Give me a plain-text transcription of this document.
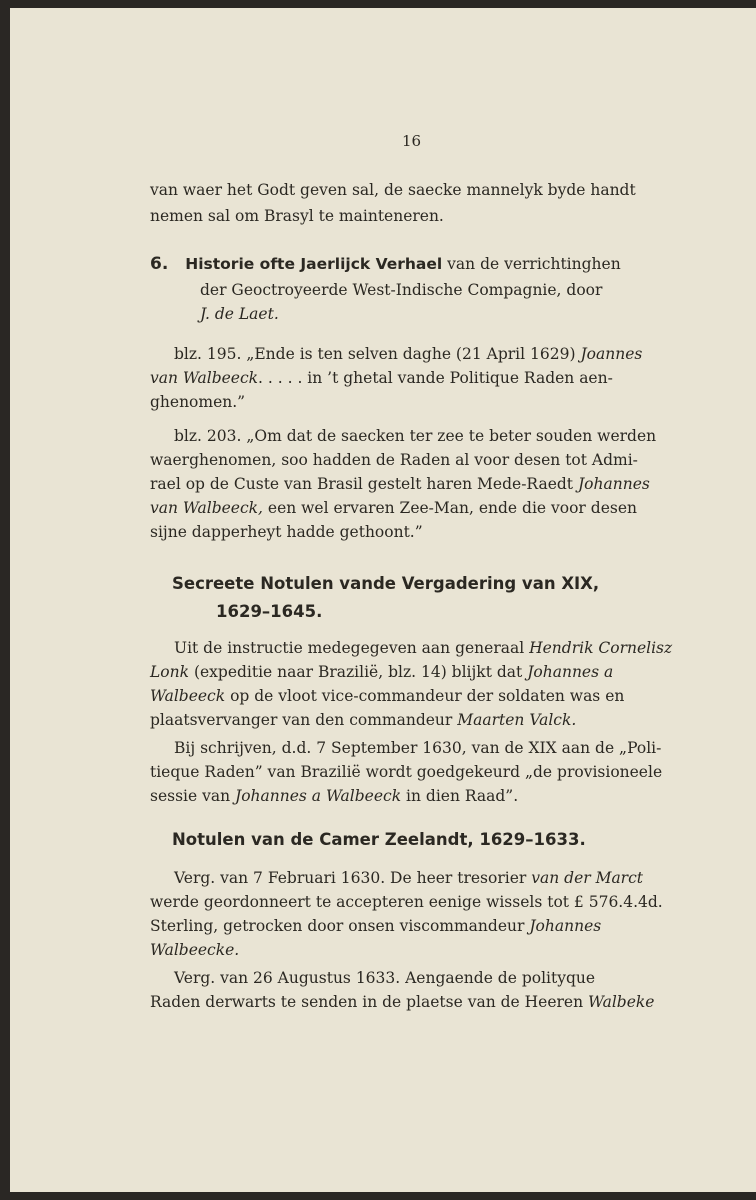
16
van waer het Godt geven sal, de saecke mannelyk byde handt
nemen sal om Brasyl te mainteneren.
6. Historie ofte Jaerlijck Verhael van de verrichtinghen
der Geoctroyeerde West-Indische Compagnie, door
J. de Laet.
blz. 195. „Ende is ten selven daghe (21 April 1629) Joannes
van Walbeeck. . . . . in ’t ghetal vande Politique Raden aen-
ghenomen.”
blz. 203. „Om dat de saecken ter zee te beter souden werden
waerghenomen, soo hadden de Raden al voor desen tot Admi-
rael op de Custe van Brasil gestelt haren Mede-Raedt Johannes
van Walbeeck, een wel ervaren Zee-Man, ende die voor desen
sijne dapperheyt hadde gethoont.”
Secreete Notulen vande Vergadering van XIX,
1629–1645.
Uit de instructie medegegeven aan generaal Hendrik Cornelisz
Lonk (expeditie naar Brazilië, blz. 14) blijkt dat Johannes a
Walbeeck op de vloot vice-commandeur der soldaten was en
plaatsvervanger van den commandeur Maarten Valck.
Bij schrijven, d.d. 7 September 1630, van de XIX aan de „Poli-
tieque Raden” van Brazilië wordt goedgekeurd „de provisioneele
sessie van Johannes a Walbeeck in dien Raad”.
Notulen van de Camer Zeelandt, 1629–1633.
Verg. van 7 Februari 1630. De heer tresorier van der Marct
werde geordonneert te accepteren eenige wissels tot £ 576.4.4d.
Sterling, getrocken door onsen viscommandeur Johannes
Walbeecke.
Verg. van 26 Augustus 1633. Aengaende de polityque
Raden derwarts te senden in de plaetse van de Heeren Walbeke
